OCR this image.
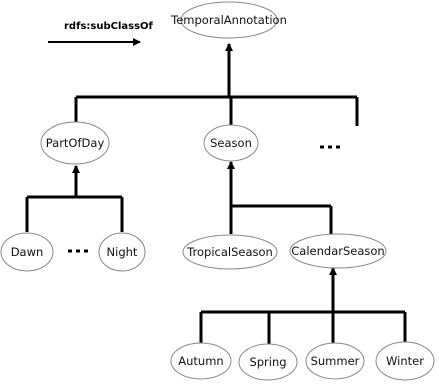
rdfs:subClassOf TemporalAnnotation
PartOfDay	Season
Dawn	Night	TropicalSeason CalendarSeason
Autumn Spring Summer Winter
